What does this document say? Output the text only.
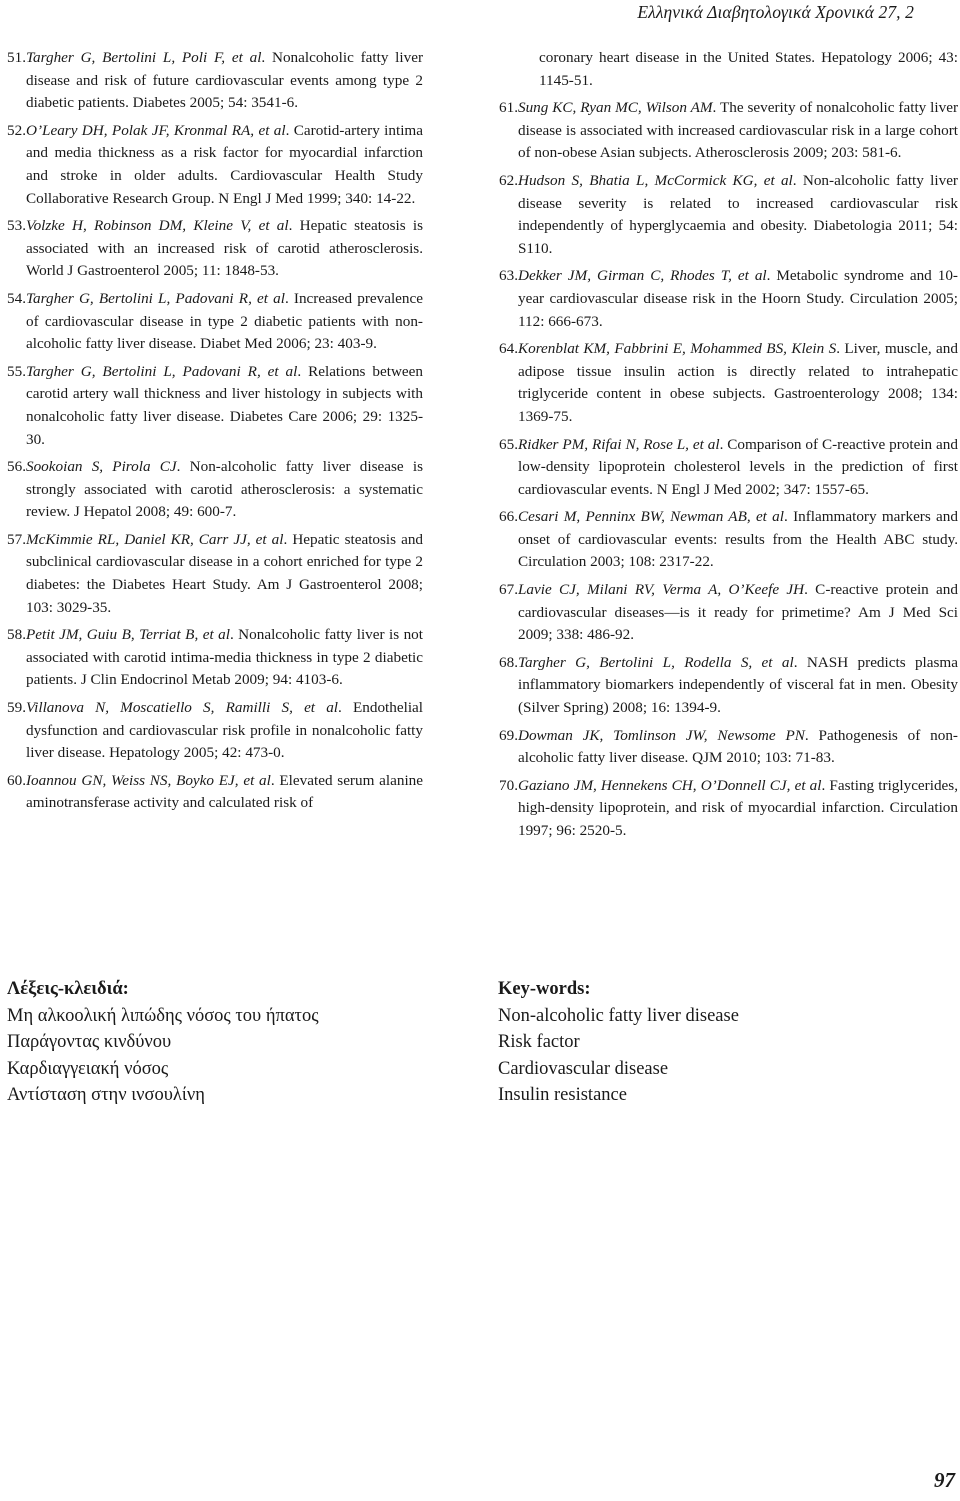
Ελληνικά Διαβητολογικά Χρονικά 27, 2
51. Targher G, Bertolini L, Poli F, et al. Nonalcoholic fatty liver disease and risk of future cardiovascular events among type 2 diabetic patients. Diabetes 2005; 54: 3541-6.
52. O’Leary DH, Polak JF, Kronmal RA, et al. Carotid-artery intima and media thickness as a risk factor for myocardial infarction and stroke in older adults. Cardiovascular Health Study Collaborative Research Group. N Engl J Med 1999; 340: 14-22.
53. Volzke H, Robinson DM, Kleine V, et al. Hepatic steatosis is associated with an increased risk of carotid atherosclerosis. World J Gastroenterol 2005; 11: 1848-53.
54. Targher G, Bertolini L, Padovani R, et al. Increased prevalence of cardiovascular disease in type 2 diabetic patients with non-alcoholic fatty liver disease. Diabet Med 2006; 23: 403-9.
55. Targher G, Bertolini L, Padovani R, et al. Relations between carotid artery wall thickness and liver histology in subjects with nonalcoholic fatty liver disease. Diabetes Care 2006; 29: 1325-30.
56. Sookoian S, Pirola CJ. Non-alcoholic fatty liver disease is strongly associated with carotid atherosclerosis: a systematic review. J Hepatol 2008; 49: 600-7.
57. McKimmie RL, Daniel KR, Carr JJ, et al. Hepatic steatosis and subclinical cardiovascular disease in a cohort enriched for type 2 diabetes: the Diabetes Heart Study. Am J Gastroenterol 2008; 103: 3029-35.
58. Petit JM, Guiu B, Terriat B, et al. Nonalcoholic fatty liver is not associated with carotid intima-media thickness in type 2 diabetic patients. J Clin Endocrinol Metab 2009; 94: 4103-6.
59. Villanova N, Moscatiello S, Ramilli S, et al. Endothelial dysfunction and cardiovascular risk profile in nonalcoholic fatty liver disease. Hepatology 2005; 42: 473-0.
60. Ioannou GN, Weiss NS, Boyko EJ, et al. Elevated serum alanine aminotransferase activity and calculated risk of
coronary heart disease in the United States. Hepatology 2006; 43: 1145-51.
61. Sung KC, Ryan MC, Wilson AM. The severity of nonalcoholic fatty liver disease is associated with increased cardiovascular risk in a large cohort of non-obese Asian subjects. Atherosclerosis 2009; 203: 581-6.
62. Hudson S, Bhatia L, McCormick KG, et al. Non-alcoholic fatty liver disease severity is related to increased cardiovascular risk independently of hyperglycaemia and obesity. Diabetologia 2011; 54: S110.
63. Dekker JM, Girman C, Rhodes T, et al. Metabolic syndrome and 10-year cardiovascular disease risk in the Hoorn Study. Circulation 2005; 112: 666-673.
64. Korenblat KM, Fabbrini E, Mohammed BS, Klein S. Liver, muscle, and adipose tissue insulin action is directly related to intrahepatic triglyceride content in obese subjects. Gastroenterology 2008; 134: 1369-75.
65. Ridker PM, Rifai N, Rose L, et al. Comparison of C-reactive protein and low-density lipoprotein cholesterol levels in the prediction of first cardiovascular events. N Engl J Med 2002; 347: 1557-65.
66. Cesari M, Penninx BW, Newman AB, et al. Inflammatory markers and onset of cardiovascular events: results from the Health ABC study. Circulation 2003; 108: 2317-22.
67. Lavie CJ, Milani RV, Verma A, O’Keefe JH. C-reactive protein and cardiovascular diseases—is it ready for primetime? Am J Med Sci 2009; 338: 486-92.
68. Targher G, Bertolini L, Rodella S, et al. NASH predicts plasma inflammatory biomarkers independently of visceral fat in men. Obesity (Silver Spring) 2008; 16: 1394-9.
69. Dowman JK, Tomlinson JW, Newsome PN. Pathogenesis of non-alcoholic fatty liver disease. QJM 2010; 103: 71-83.
70. Gaziano JM, Hennekens CH, O’Donnell CJ, et al. Fasting triglycerides, high-density lipoprotein, and risk of myocardial infarction. Circulation 1997; 96: 2520-5.
Λέξεις-κλειδιά:
Μη αλκοολική λιπώδης νόσος του ήπατος
Παράγοντας κινδύνου
Καρδιαγγειακή νόσος
Αντίσταση στην ινσουλίνη
Key-words:
Non-alcoholic fatty liver disease
Risk factor
Cardiovascular disease
Insulin resistance
97
